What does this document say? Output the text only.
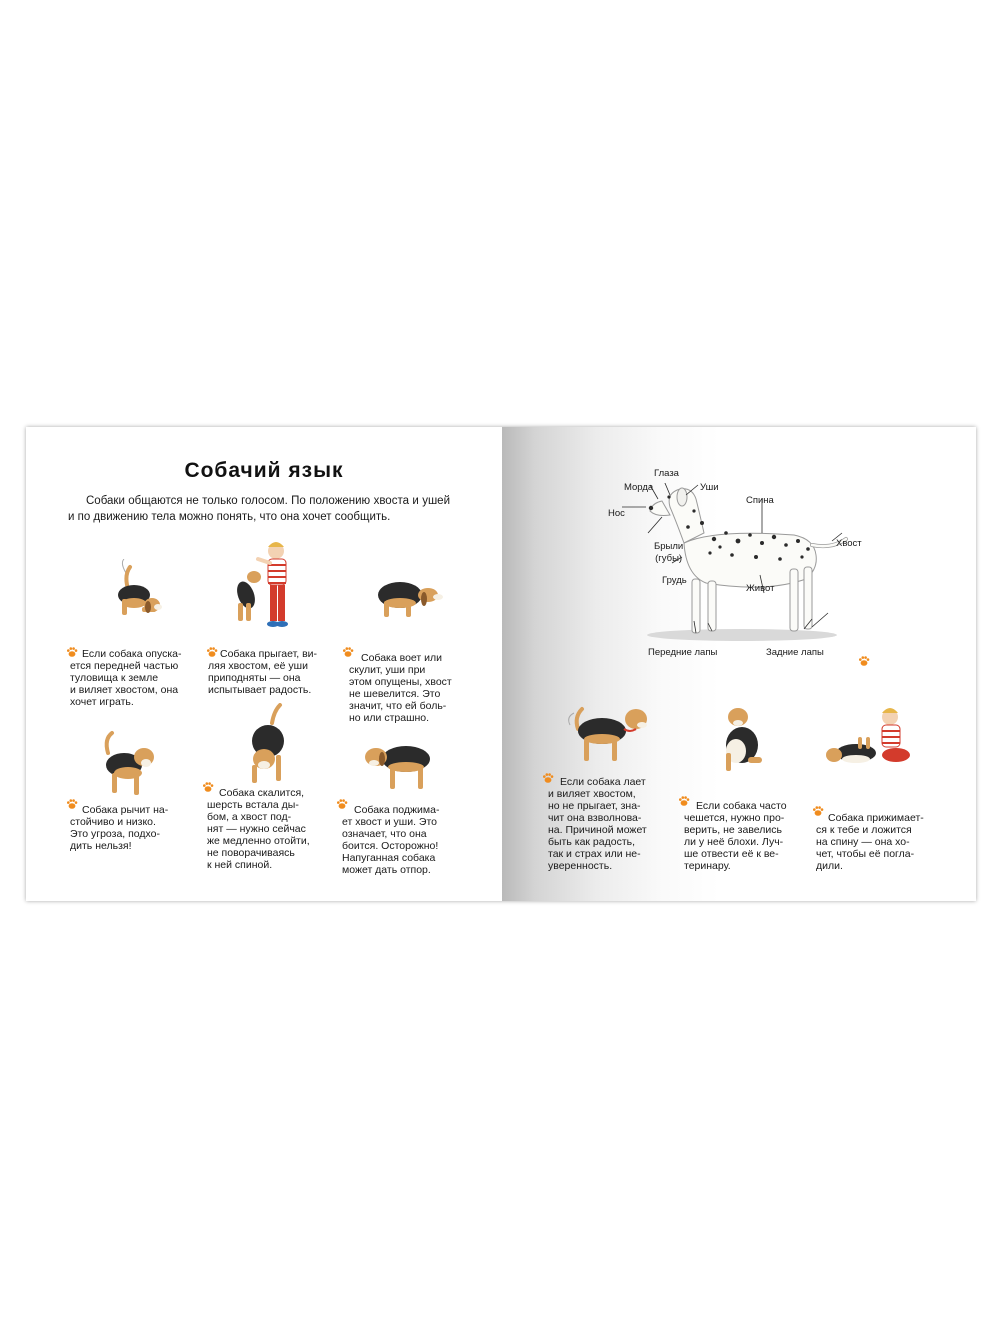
Собачий язык

Собаки общаются не только голосом. По положению хвоста и ушей и по движению тела можно понять, что она хочет сообщить.

Если собака опуска-
ется передней частью
туловища к земле
и виляет хвостом, она
хочет играть.

Собака прыгает, ви-
ляя хвостом, её уши
приподняты — она
испытывает радость.

Собака воет или
скулит, уши при
этом опущены, хвост
не шевелится. Это
значит, что ей боль-
но или страшно.

Собака рычит на-
стойчиво и низко.
Это угроза, подхо-
дить нельзя!

Собака скалится,
шерсть встала ды-
бом, а хвост под-
нят — нужно сейчас
же медленно отойти,
не поворачиваясь
к ней спиной.

Собака поджима-
ет хвост и уши. Это
означает, что она
боится. Осторожно!
Напуганная собака
может дать отпор.

Глаза
Морда	Уши
Спина
Нос
Брыли
(губы)
Хвост
Грудь
Живот
Передние лапы	Задние лапы

Если собака лает
и виляет хвостом,
но не прыгает, зна-
чит она взволнова-
на. Причиной может
быть как радость,
так и страх или не-
уверенность.

Если собака часто
чешется, нужно про-
верить, не завелись
ли у неё блохи. Луч-
ше отвести её к ве-
теринару.

Собака прижимает-
ся к тебе и ложится
на спину — она хо-
чет, чтобы её погла-
дили.
